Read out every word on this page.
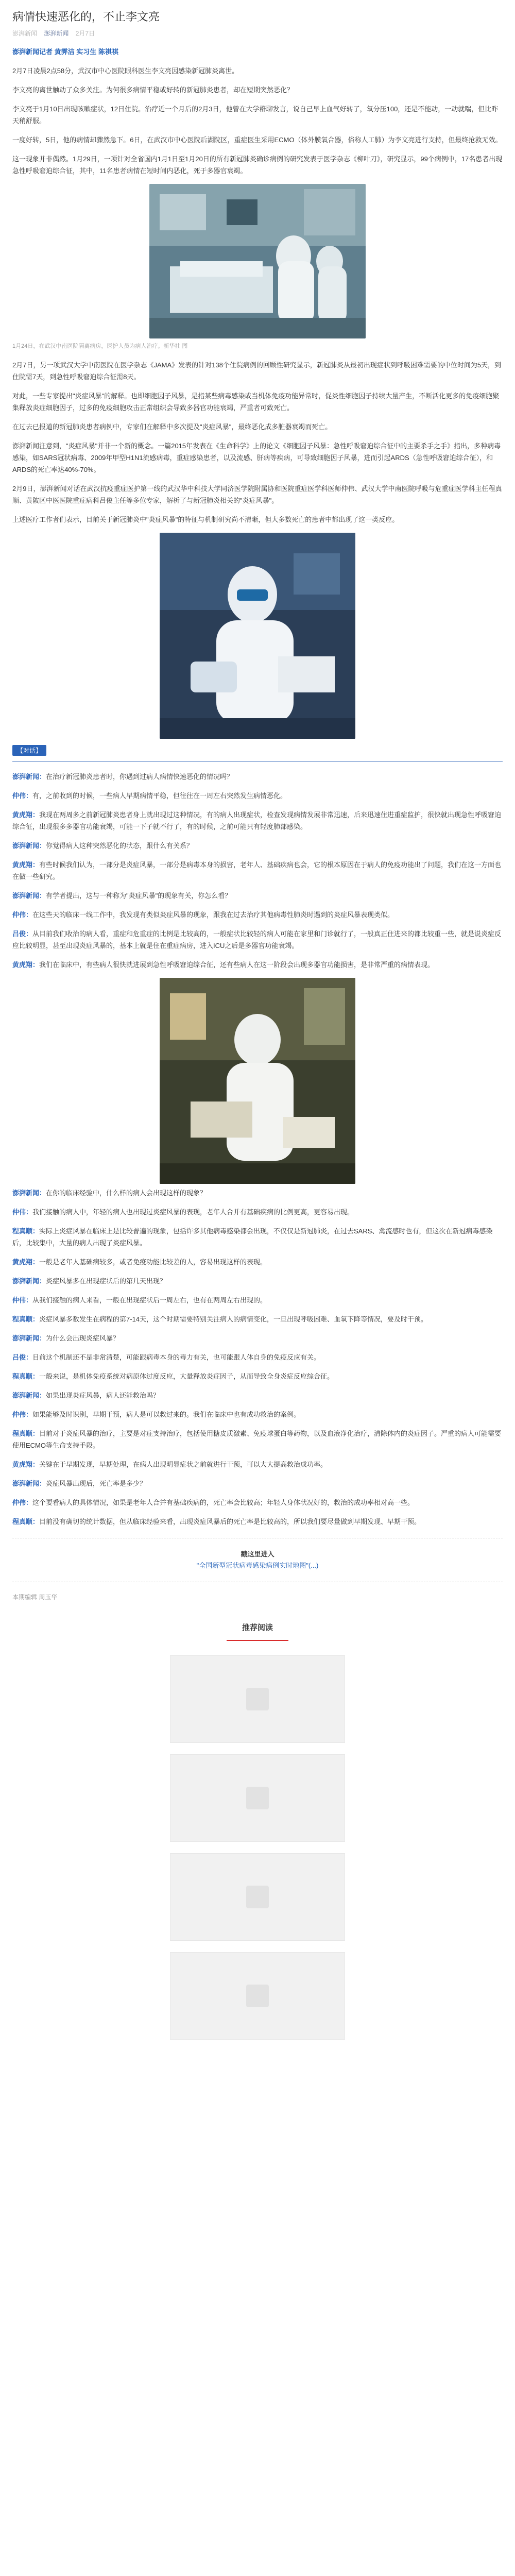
病情快速恶化的，不止李文亮
澎湃新闻 澎湃新闻 2月7日

澎湃新闻记者 黄霁洁 实习生 陈祺祺

2月7日凌晨2点58分，武汉市中心医院眼科医生李文亮因感染新冠肺炎离世。

李文亮的离世触动了众多关注。为何很多病情平稳或好转的新冠肺炎患者，却在短期突然恶化？

李文亮于1月10日出现咳嗽症状，12日住院。治疗近一个月后的2月3日，他曾在大学群聊发言，说自己早上血气好转了，氧分压100，还是不能动，一动就喘，但比昨天稍舒服。

一度好转，5日，他的病情却骤然急下。6日，在武汉市中心医院后湖院区，重症医生采用ECMO（体外膜氧合器，俗称人工肺）为李文亮进行支持，但最终抢救无效。

这一现象并非偶然。1月29日，一项针对全省国内1月1日至1月20日的所有新冠肺炎确诊病例的研究发表于医学杂志《柳叶刀》，研究显示，99个病例中，17名患者出现急性呼吸窘迫综合征，其中，11名患者病情在短时间内恶化，死于多器官衰竭。

1月24日，在武汉中南医院隔离病房，医护人员为病人治疗。新华社 图

2月7日，另一项武汉大学中南医院在医学杂志《JAMA》发表的针对138个住院病例的回顾性研究显示，新冠肺炎从最初出现症状到呼吸困难需要的中位时间为5天，到住院需7天，到急性呼吸窘迫综合征需8天。

对此，一些专家提出"炎症风暴"的解释。也即细胞因子风暴，是指某些病毒感染或当机体免疫功能异常时，促炎性细胞因子持续大量产生，不断活化更多的免疫细胞聚集释放炎症细胞因子，过多的免疫细胞攻击正常组织会导致多器官功能衰竭，严重者可致死亡。

在过去已报道的新冠肺炎患者病例中，专家们在解释中多次提及"炎症风暴"，最终恶化成多脏器衰竭而死亡。

澎湃新闻注意到，"炎症风暴"并非一个新的概念。一篇2015年发表在《生命科学》上的论文《细胞因子风暴：急性呼吸窘迫综合征中的主要杀手之手》指出，多种病毒感染，如SARS冠状病毒、2009年甲型H1N1流感病毒，重症感染患者，以及流感、肝病等疾病，可导致细胞因子风暴，进而引起ARDS（急性呼吸窘迫综合征），和ARDS的死亡率达40%-70%。

2月9日，澎湃新闻对话在武汉抗疫重症医护第一线的武汉华中科技大学同济医学院附属协和医院重症医学科医师仲伟、武汉大学中南医院呼吸与危重症医学科主任程真顺、黄陂区中医医院重症病科吕俊主任等多位专家，解析了与新冠肺炎相关的"炎症风暴"。

上述医疗工作者们表示，目前关于新冠肺炎中"炎症风暴"的特征与机制研究尚不清晰，但大多数死亡的患者中都出现了这一类反应。

【对话】

澎湃新闻：在治疗新冠肺炎患者时，你遇到过病人病情快速恶化的情况吗？

仲伟：有，之前收到的时候，一些病人早期病情平稳，但往往在一周左右突然发生病情恶化。

黄虎翔：我现在两周多之前新冠肺炎患者身上就出现过这种情况，有的病人出现症状，检查发现病情发展非常迅速，后来迅速住进重症监护，很快就出现急性呼吸窘迫综合征，出现很多多器官功能衰竭，可能一下子就不行了，有的时候，之前可能只有轻度肺部感染。

澎湃新闻：你觉得病人这种突然恶化的状态，跟什么有关系？

黄虎翔：有些时候我们认为，一部分是炎症风暴，一部分是病毒本身的损害，老年人、基础疾病也会，它的根本原因在于病人的免疫功能出了问题，我们在这一方面也在做一些研究。

澎湃新闻：有学者提出，这与一种称为"炎症风暴"的现象有关，你怎么看？

仲伟：在这些天的临床一线工作中，我发现有类似炎症风暴的现象，跟我在过去治疗其他病毒性肺炎时遇到的炎症风暴表现类似。

吕俊：从目前我们收治的病人看，重症和危重症的比例是比较高的，一般症状比较轻的病人可能在家里和门诊就行了，一般真正住进来的都比较重一些，就是说炎症反应比较明显，甚至出现炎症风暴的，基本上就是住在重症病房，进入ICU之后是多器官功能衰竭。

黄虎翔：我们在临床中，有些病人很快就进展到急性呼吸窘迫综合征，还有些病人在这一阶段会出现多器官功能损害，是非常严重的病情表现。

澎湃新闻：在你的临床经验中，什么样的病人会出现这样的现象？

仲伟：我们接触的病人中，年轻的病人也出现过炎症风暴的表现，老年人合并有基础疾病的比例更高，更容易出现。

程真顺：实际上炎症风暴在临床上是比较普遍的现象，包括许多其他病毒感染都会出现，不仅仅是新冠肺炎，在过去SARS、禽流感时也有，但这次在新冠病毒感染后，比较集中，大量的病人出现了炎症风暴。

黄虎翔：一般是老年人基础病较多，或者免疫功能比较差的人，容易出现这样的表现。

澎湃新闻：炎症风暴多在出现症状后的第几天出现？

仲伟：从我们接触的病人来看，一般在出现症状后一周左右，也有在两周左右出现的。

程真顺：炎症风暴多数发生在病程的第7-14天，这个时期需要特别关注病人的病情变化，一旦出现呼吸困难、血氧下降等情况，要及时干预。

澎湃新闻：为什么会出现炎症风暴？

吕俊：目前这个机制还不是非常清楚，可能跟病毒本身的毒力有关，也可能跟人体自身的免疫反应有关。

程真顺：一般来说，是机体免疫系统对病原体过度反应，大量释放炎症因子，从而导致全身炎症反应综合征。

澎湃新闻：如果出现炎症风暴，病人还能救治吗？

仲伟：如果能够及时识别，早期干预，病人是可以救过来的。我们在临床中也有成功救治的案例。

程真顺：目前对于炎症风暴的治疗，主要是对症支持治疗，包括使用糖皮质激素、免疫球蛋白等药物，以及血液净化治疗，清除体内的炎症因子。严重的病人可能需要使用ECMO等生命支持手段。

黄虎翔：关键在于早期发现，早期处理，在病人出现明显症状之前就进行干预，可以大大提高救治成功率。

澎湃新闻：炎症风暴出现后，死亡率是多少？

仲伟：这个要看病人的具体情况，如果是老年人合并有基础疾病的，死亡率会比较高；年轻人身体状况好的，救治的成功率相对高一些。

程真顺：目前没有确切的统计数据，但从临床经验来看，出现炎症风暴后的死亡率是比较高的，所以我们要尽量做到早期发现、早期干预。

戳这里进入
"全国新型冠状病毒感染病例实时地图"(...)
本期编辑 周玉华
推荐阅读
